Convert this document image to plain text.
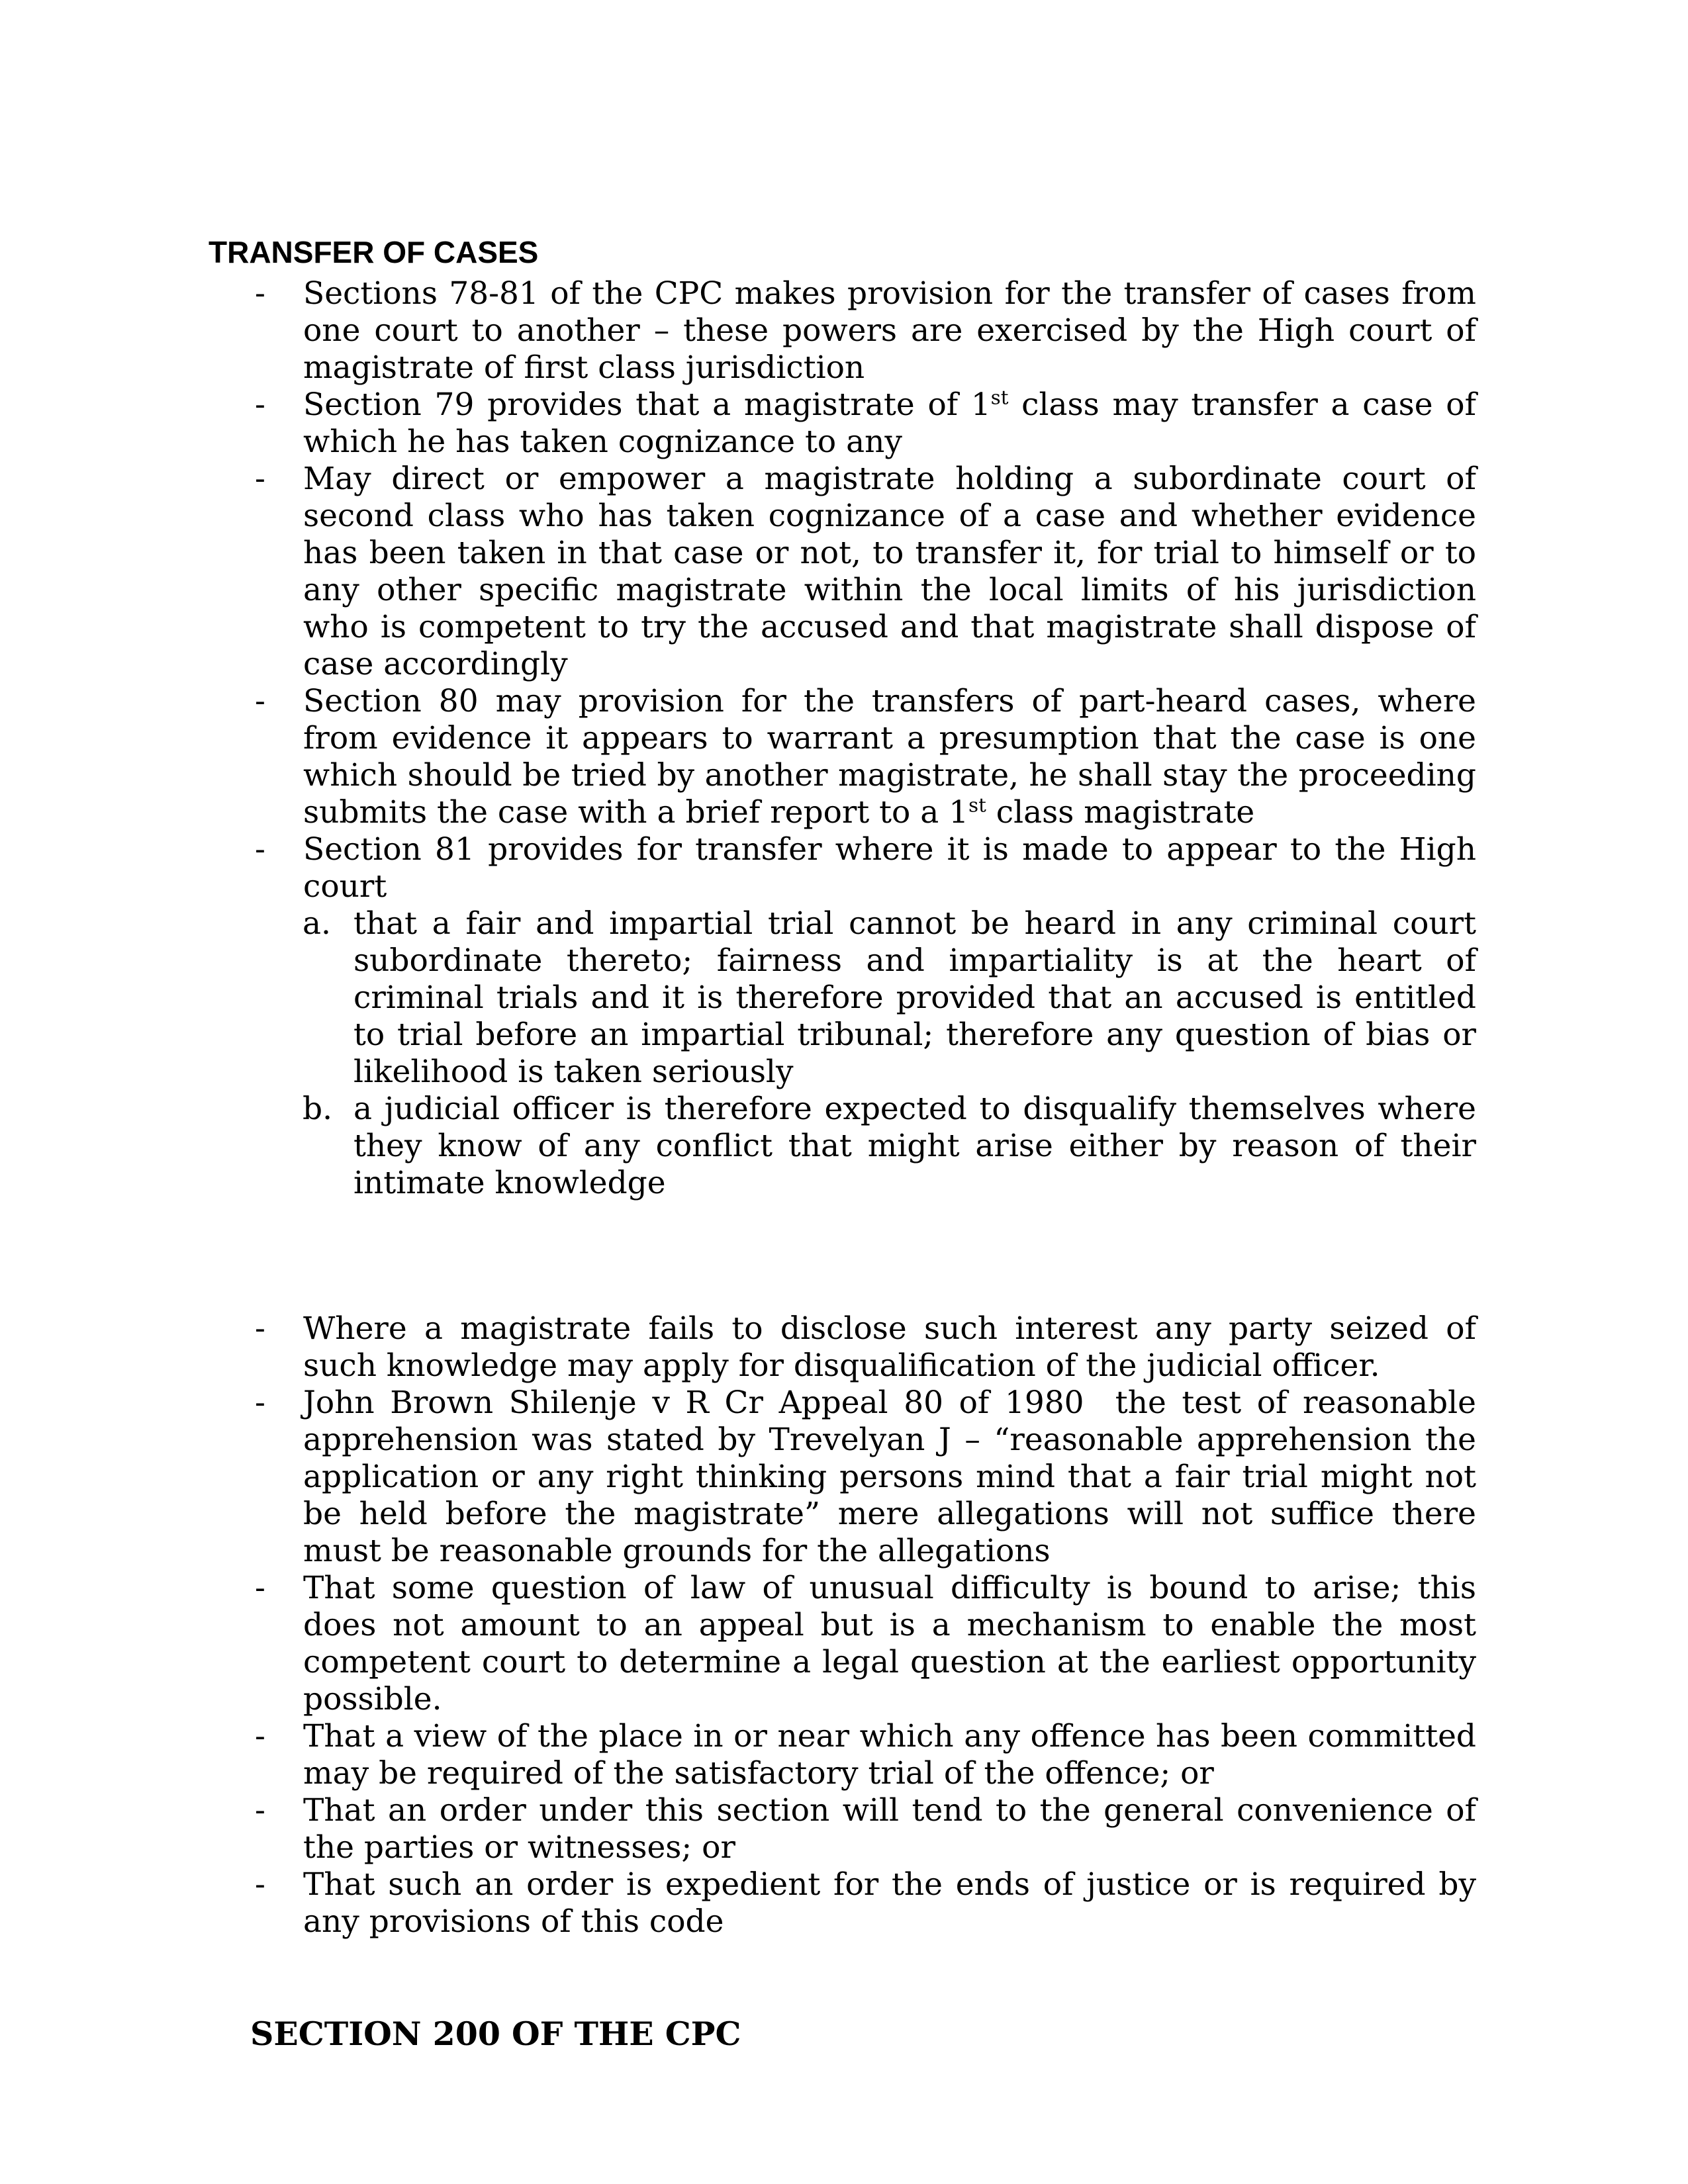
TRANSFER OF CASES
-	Sections 78-81 of the CPC makes provision for the transfer of cases from one court to another – these powers are exercised by the High court of magistrate of first class jurisdiction
-	Section 79 provides that a magistrate of 1st class may transfer a case of which he has taken cognizance to any
-	May direct or empower a magistrate holding a subordinate court of second class who has taken cognizance of a case and whether evidence has been taken in that case or not, to transfer it, for trial to himself or to any other specific magistrate within the local limits of his jurisdiction who is competent to try the accused and that magistrate shall dispose of case accordingly
-	Section 80 may provision for the transfers of part-heard cases, where from evidence it appears to warrant a presumption that the case is one which should be tried by another magistrate, he shall stay the proceeding submits the case with a brief report to a 1st class magistrate
-	Section 81 provides for transfer where it is made to appear to the High court
a. that a fair and impartial trial cannot be heard in any criminal court subordinate thereto; fairness and impartiality is at the heart of criminal trials and it is therefore provided that an accused is entitled to trial before an impartial tribunal; therefore any question of bias or likelihood is taken seriously
b. a judicial officer is therefore expected to disqualify themselves where they know of any conflict that might arise either by reason of their intimate knowledge
-	Where a magistrate fails to disclose such interest any party seized of such knowledge may apply for disqualification of the judicial officer.
-	John Brown Shilenje v R Cr Appeal 80 of 1980  the test of reasonable apprehension was stated by Trevelyan J – “reasonable apprehension the application or any right thinking persons mind that a fair trial might not be held before the magistrate” mere allegations will not suffice there must be reasonable grounds for the allegations
-	That some question of law of unusual difficulty is bound to arise; this does not amount to an appeal but is a mechanism to enable the most competent court to determine a legal question at the earliest opportunity possible.
-	That a view of the place in or near which any offence has been committed may be required of the satisfactory trial of the offence; or
-	That an order under this section will tend to the general convenience of the parties or witnesses; or
-	That such an order is expedient for the ends of justice or is required by any provisions of this code
SECTION 200 OF THE CPC
